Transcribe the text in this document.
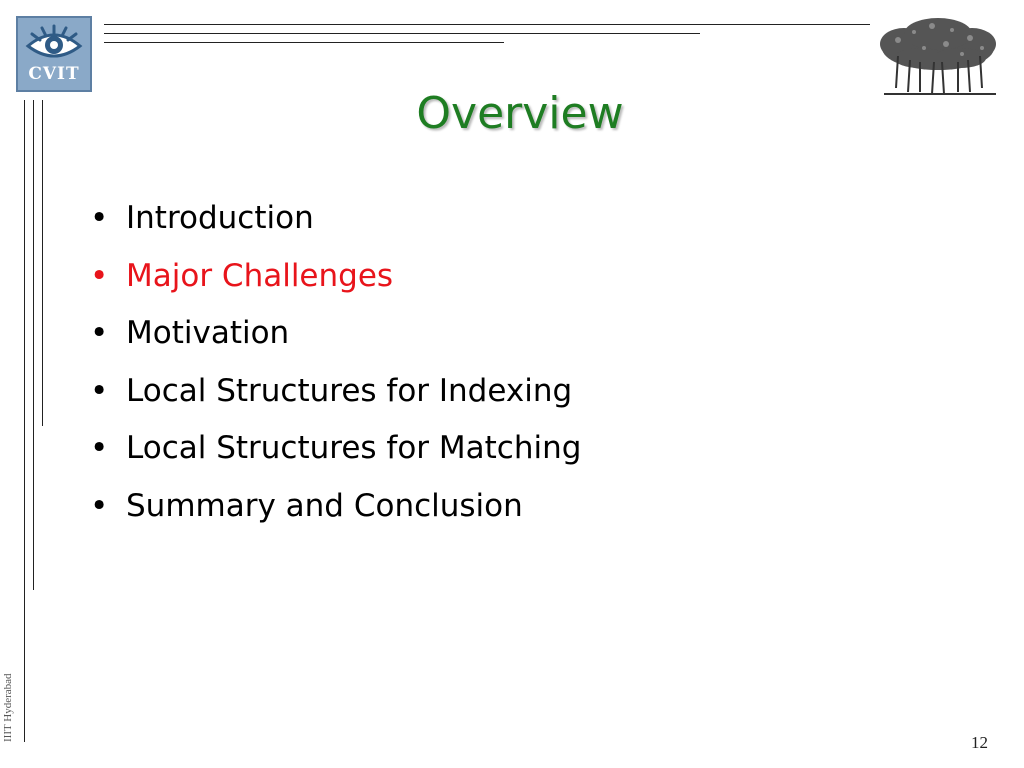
CVIT
Overview
• Introduction
• Major Challenges
• Motivation
• Local Structures for Indexing
• Local Structures for Matching
• Summary and Conclusion
IIIT Hyderabad
12
